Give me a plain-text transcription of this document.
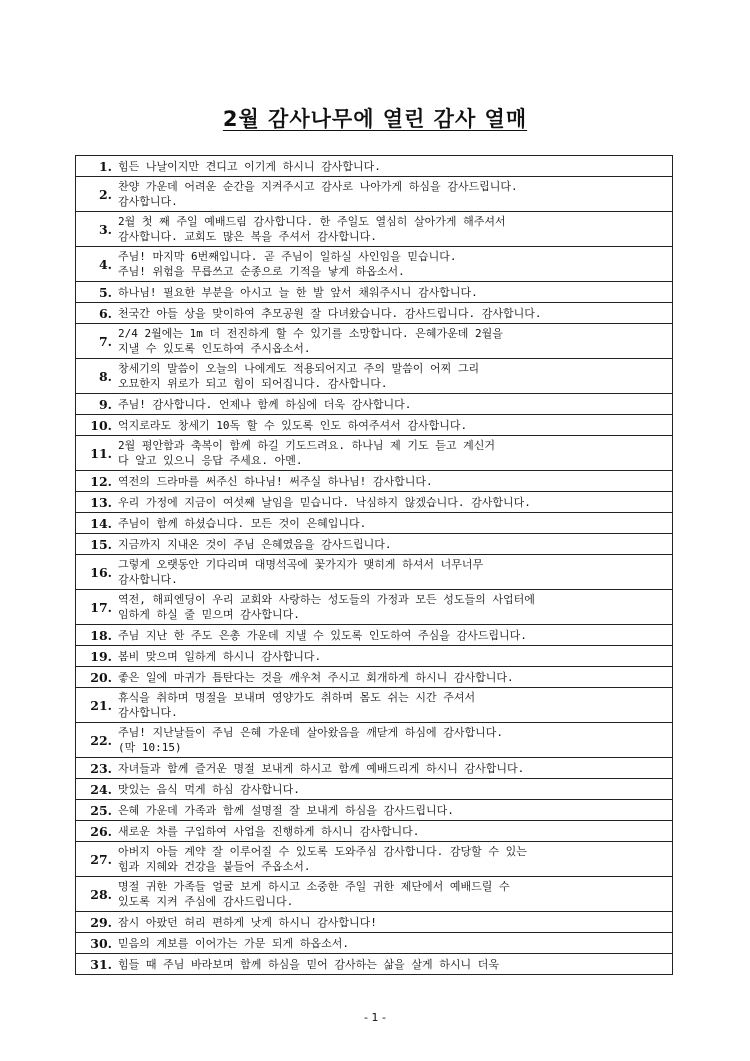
2월 감사나무에 열린 감사 열매
1.	힘든 나날이지만 견디고 이기게 하시니 감사합니다.
2.	찬양 가운데 어려운 순간을 지켜주시고 감사로 나아가게 하심을 감사드립니다.
감사합니다.
3.	2월 첫 째 주일 예배드림 감사합니다. 한 주일도 열심히 살아가게 해주셔서
감사합니다. 교회도 많은 복을 주셔서 감사합니다.
4.	주님! 마지막 6번째입니다. 곧 주님이 일하실 사인임을 믿습니다.
주님! 위험을 무릅쓰고 순종으로 기적을 낳게 하옵소서.
5.	하나님! 필요한 부분을 아시고 늘 한 발 앞서 채워주시니 감사합니다.
6.	천국간 아들 상을 맞이하여 추모공원 잘 다녀왔습니다. 감사드립니다. 감사합니다.
7.	2/4 2월에는 1m 더 전진하게 할 수 있기를 소망합니다. 은혜가운데 2월을
지낼 수 있도록 인도하여 주시옵소서.
8.	창세기의 말씀이 오늘의 나에게도 적용되어지고 주의 말씀이 어찌 그리
오묘한지 위로가 되고 힘이 되어집니다. 감사합니다.
9.	주님! 감사합니다. 언제나 함께 하심에 더욱 감사합니다.
10.	억지로라도 창세기 10독 할 수 있도록 인도 하여주셔서 감사합니다.
11.	2월 평안함과 축복이 함께 하길 기도드려요. 하나님 제 기도 듣고 계신거
다 알고 있으니 응답 주세요. 아멘.
12.	역전의 드라마를 써주신 하나님! 써주실 하나님! 감사합니다.
13.	우리 가정에 지금이 여섯째 날임을 믿습니다. 낙심하지 않겠습니다. 감사합니다.
14.	주님이 함께 하셨습니다. 모든 것이 은혜입니다.
15.	지금까지 지내온 것이 주님 은혜였음을 감사드립니다.
16.	그렇게 오랫동안 기다리며 대명석곡에 꽃가지가 맺히게 하셔서 너무너무
감사합니다.
17.	역전, 해피엔딩이 우리 교회와 사랑하는 성도들의 가정과 모든 성도들의 사업터에
임하게 하실 줄 믿으며 감사합니다.
18.	주님 지난 한 주도 은총 가운데 지낼 수 있도록 인도하여 주심을 감사드립니다.
19.	봄비 맞으며 일하게 하시니 감사합니다.
20.	좋은 일에 마귀가 틈탄다는 것을 깨우쳐 주시고 회개하게 하시니 감사합니다.
21.	휴식을 취하며 명절을 보내며 영양가도 취하며 몸도 쉬는 시간 주셔서
감사합니다.
22.	주님! 지난날들이 주님 은혜 가운데 살아왔음을 깨닫게 하심에 감사합니다.
(막 10:15)
23.	자녀들과 함께 즐거운 명절 보내게 하시고 함께 예배드리게 하시니 감사합니다.
24.	맛있는 음식 먹게 하심 감사합니다.
25.	은혜 가운데 가족과 함께 설명절 잘 보내게 하심을 감사드립니다.
26.	새로운 차를 구입하여 사업을 진행하게 하시니 감사합니다.
27.	아버지 아들 계약 잘 이루어질 수 있도록 도와주심 감사합니다. 감당할 수 있는
힘과 지혜와 건강을 붙들어 주옵소서.
28.	명절 귀한 가족들 얼굴 보게 하시고 소중한 주일 귀한 제단에서 예배드릴 수
있도록 지켜 주심에 감사드립니다.
29.	잠시 아팠던 허리 편하게 낫게 하시니 감사합니다!
30.	믿음의 계보를 이어가는 가문 되게 하옵소서.
31.	힘들 때 주님 바라보며 함께 하심을 믿어 감사하는 삶을 살게 하시니 더욱
- 1 -
